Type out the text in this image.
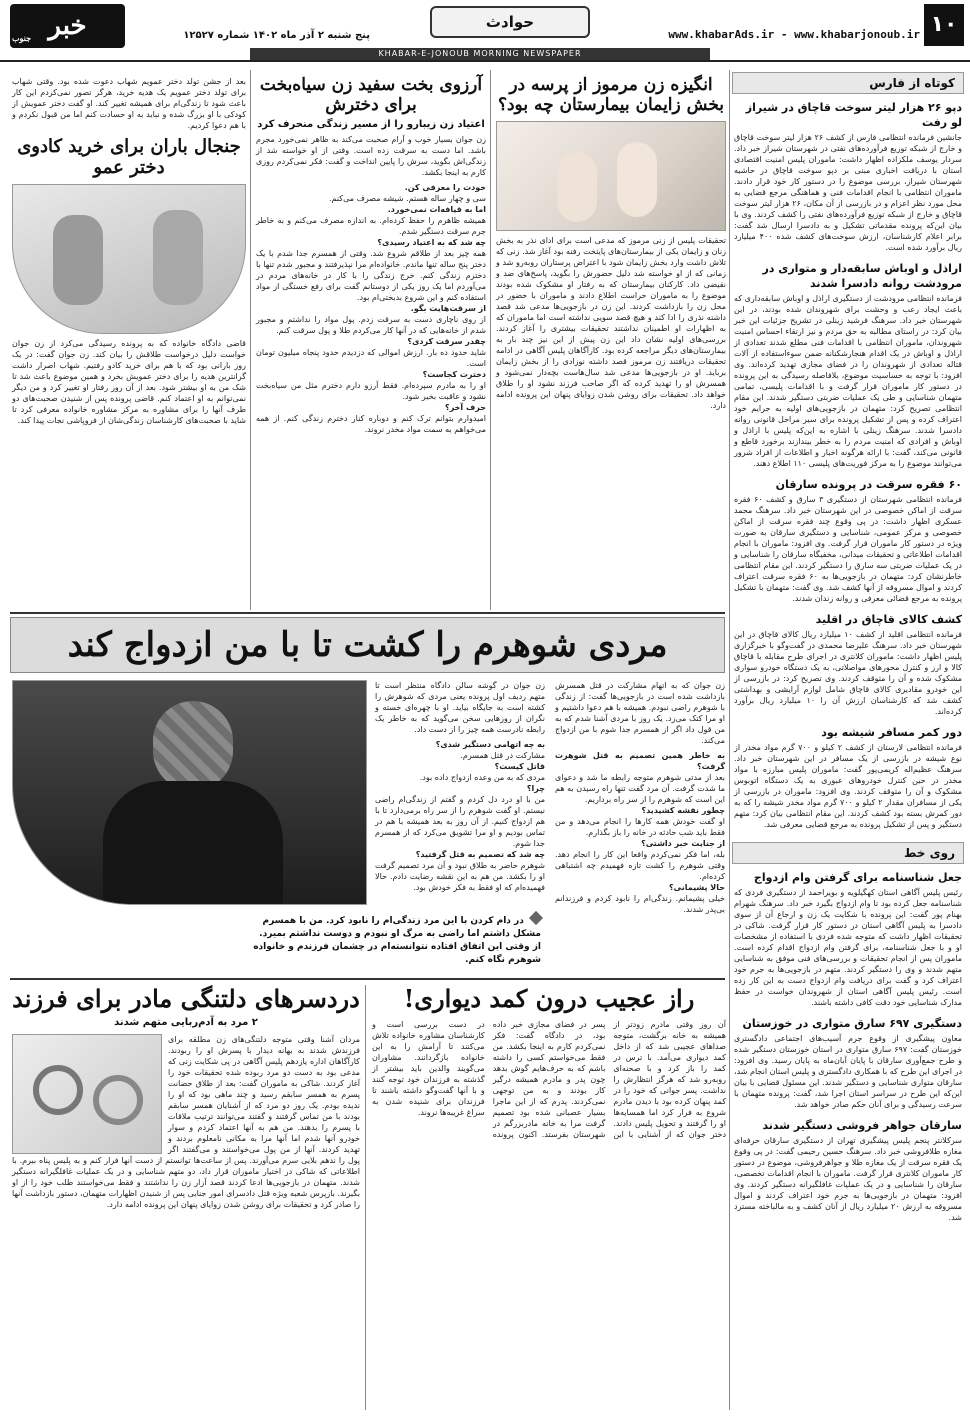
۱۰
www.khabarAds.ir - www.khabarjonoub.ir
حوادث
KHABAR-E-JONOUB MORNING NEWSPAPER
خبر
جنوب	پنج شنبه ۲ آذر ماه ۱۴۰۲ شماره ۱۲۵۲۷
کوتاه از فارس
دپو ۲۶ هزار لیتر سوخت قاچاق در شیراز لو رفت
جانشین فرمانده انتظامی فارس از کشف ۲۶ هزار لیتر سوخت قاچاق و خارج از شبکه توزیع فرآورده‌های نفتی در شهرستان شیراز خبر داد. سردار یوسف ملکزاده اظهار داشت: ماموران پلیس امنیت اقتصادی استان با دریافت اخباری مبنی بر دپو سوخت قاچاق در حاشیه شهرستان شیراز، بررسی موضوع را در دستور کار خود قرار دادند. ماموران انتظامی با انجام اقدامات فنی و هماهنگی مرجع قضایی به محل مورد نظر اعزام و در بازرسی از آن مکان، ۲۶ هزار لیتر سوخت قاچاق و خارج از شبکه توزیع فرآورده‌های نفتی را کشف کردند. وی با بیان این‌که پرونده مقدماتی تشکیل و به دادسرا ارسال شد گفت: برابر اعلام کارشناسان، ارزش سوخت‌های کشف شده ۴۰۰ میلیارد ریال برآورد شده است.
اراذل و اوباش سابقه‌دار و متواری در مرودشت روانه دادسرا شدند
فرمانده انتظامی مرودشت از دستگیری اراذل و اوباش سابقه‌داری که باعث ایجاد رعب و وحشت برای شهروندان شده بودند، در این شهرستان خبر داد. سرهنگ فرشید زینلی در تشریح جزئیات این خبر بیان کرد: در راستای مطالبه به حق مردم و نیز ارتقاء احساس امنیت شهروندان، ماموران انتظامی با اقدامات فنی مطلع شدند تعدادی از اراذل و اوباش در یک اقدام هنجارشکنانه ضمن سوءاستفاده از آلات قتاله تعدادی از شهروندان را در فضای مجازی تهدید کرده‌اند. وی افزود: با توجه به حساسیت موضوع، بلافاصله رسیدگی به این پرونده در دستور کار ماموران قرار گرفت و با اقدامات پلیسی، تمامی متهمان شناسایی و طی یک عملیات ضربتی دستگیر شدند. این مقام انتظامی تصریح کرد: متهمان در بازجویی‌های اولیه به جرایم خود اعتراف کرده و پس از تشکیل پرونده برای سیر مراحل قانونی روانه دادسرا شدند. سرهنگ زینلی با اشاره به این‌که پلیس با اراذل و اوباش و افرادی که امنیت مردم را به خطر بیندازند برخورد قاطع و قانونی می‌کند، گفت: با ارائه هرگونه اخبار و اطلاعات از افراد شرور می‌توانند موضوع را به مرکز فوریت‌های پلیسی ۱۱۰ اطلاع دهند.
۶۰ فقره سرقت در پرونده سارقان
فرمانده انتظامی شهرستان از دستگیری ۳ سارق و کشف ۶۰ فقره سرقت از اماکن خصوصی در این شهرستان خبر داد. سرهنگ محمد عسکری اظهار داشت: در پی وقوع چند فقره سرقت از اماکن خصوصی و مرکز عمومی، شناسایی و دستگیری سارقان به صورت ویژه در دستور کار ماموران قرار گرفت. وی افزود: ماموران با انجام اقدامات اطلاعاتی و تحقیقات میدانی، مخفیگاه سارقان را شناسایی و در یک عملیات ضربتی سه سارق را دستگیر کردند. این مقام انتظامی خاطرنشان کرد: متهمان در بازجویی‌ها به ۶۰ فقره سرقت اعتراف کردند و اموال مسروقه از آنها کشف شد. وی گفت: متهمان با تشکیل پرونده به مرجع قضائی معرفی و روانه زندان شدند.
کشف کالای قاچاق در اقلید
فرمانده انتظامی اقلید از کشف ۱۰ میلیارد ریال کالای قاچاق در این شهرستان خبر داد. سرهنگ علیرضا محمدی در گفت‌وگو با خبرگزاری پلیس اظهار داشت: ماموران کلانتری در اجرای طرح مقابله با قاچاق کالا و ارز و کنترل محورهای مواصلاتی، به یک دستگاه خودرو سواری مشکوک شده و آن را متوقف کردند. وی تصریح کرد: در بازرسی از این خودرو مقادیری کالای قاچاق شامل لوازم آرایشی و بهداشتی کشف شد که کارشناسان ارزش آن را ۱۰ میلیارد ریال برآورد کرده‌اند.
دور کمر مسافر شیشه بود
فرمانده انتظامی لارستان از کشف ۲ کیلو و ۷۰۰ گرم مواد مخدر از نوع شیشه در بازرسی از یک مسافر در این شهرستان خبر داد. سرهنگ عظیم‌اله کریمی‌پور گفت: ماموران پلیس مبارزه با مواد مخدر در حین کنترل خودروهای عبوری به یک دستگاه اتوبوس مشکوک و آن را متوقف کردند. وی افزود: ماموران در بازرسی از یکی از مسافران مقدار ۲ کیلو و ۷۰۰ گرم مواد مخدر شیشه را که به دور کمرش بسته بود کشف کردند. این مقام انتظامی بیان کرد: متهم دستگیر و پس از تشکیل پرونده به مرجع قضایی معرفی شد.
روی خط
جعل شناسنامه برای گرفتن وام ازدواج
رئیس پلیس آگاهی استان کهگیلویه و بویراحمد از دستگیری فردی که شناسنامه جعل کرده بود تا وام ازدواج بگیرد خبر داد. سرهنگ شهرام بهنام پور گفت: این پرونده با شکایت یک زن و ارجاع آن از سوی دادسرا به پلیس آگاهی استان در دستور کار قرار گرفت. شاکی در تحقیقات اظهار داشت که متوجه شده فردی با استفاده از مشخصات او و با جعل شناسنامه، برای گرفتن وام ازدواج اقدام کرده است. ماموران پس از انجام تحقیقات و بررسی‌های فنی موفق به شناسایی متهم شدند و وی را دستگیر کردند. متهم در بازجویی‌ها به جرم خود اعتراف کرد و گفت برای دریافت وام ازدواج دست به این کار زده است. رئیس پلیس آگاهی استان از شهروندان خواست در حفظ مدارک شناسایی خود دقت کافی داشته باشند.
دستگیری ۶۹۷ سارق متواری در خوزستان
معاون پیشگیری از وقوع جرم آسیب‌های اجتماعی دادگستری خوزستان گفت: ۶۹۷ سارق متواری در استان خوزستان دستگیر شده و طرح جمع‌آوری سارقان با پایان آبان‌ماه به پایان رسید. وی افزود: در اجرای این طرح که با همکاری دادگستری و پلیس استان انجام شد، سارقان متواری شناسایی و دستگیر شدند. این مسئول قضایی با بیان این‌که این طرح در سراسر استان اجرا شد، گفت: پرونده متهمان با سرعت رسیدگی و برای آنان حکم صادر خواهد شد.
سارقان جواهر فروشی دستگیر شدند
سرکلانتر پنجم پلیس پیشگیری تهران از دستگیری سارقان حرفه‌ای مغازه طلافروشی خبر داد. سرهنگ حسین رحیمی گفت: در پی وقوع یک فقره سرقت از یک مغازه طلا و جواهرفروشی، موضوع در دستور کار ماموران کلانتری قرار گرفت. ماموران با انجام اقدامات تخصصی، سارقان را شناسایی و در یک عملیات غافلگیرانه دستگیر کردند. وی افزود: متهمان در بازجویی‌ها به جرم خود اعتراف کردند و اموال مسروقه به ارزش ۲۰ میلیارد ریال از آنان کشف و به مالباخته مسترد شد.
انگیزه زن مرموز از پرسه در بخش زایمان بیمارستان چه بود؟
تحقیقات پلیس از زنی مرموز که مدعی است برای ادای نذر به بخش زنان و زایمان یکی از بیمارستان‌های پایتخت رفته بود آغاز شد. زنی که تلاش داشت وارد بخش زایمان شود با اعتراض پرستاران روبه‌رو شد و زمانی که از او خواسته شد دلیل حضورش را بگوید، پاسخ‌های ضد و نقیضی داد. کارکنان بیمارستان که به رفتار او مشکوک شده بودند موضوع را به ماموران حراست اطلاع دادند و ماموران با حضور در محل زن را بازداشت کردند. این زن در بازجویی‌ها مدعی شد قصد داشته نذری را ادا کند و هیچ قصد سویی نداشته است اما ماموران که به اظهارات او اطمینان نداشتند تحقیقات بیشتری را آغاز کردند. بررسی‌های اولیه نشان داد این زن پیش از این نیز چند بار به بیمارستان‌های دیگر مراجعه کرده بود. کارآگاهان پلیس آگاهی در ادامه تحقیقات دریافتند زن مرموز قصد داشته نوزادی را از بخش زایمان برباید. او در بازجویی‌ها مدعی شد سال‌هاست بچه‌دار نمی‌شود و همسرش او را تهدید کرده که اگر صاحب فرزند نشود او را طلاق خواهد داد. تحقیقات برای روشن شدن زوایای پنهان این پرونده ادامه دارد.
آرزوی بخت سفید زن سیاه‌بخت برای دخترش
اعتیاد زن زیبارو را از مسیر زندگی منحرف کرد
زن جوان بسیار خوب و آرام صحبت می‌کند به ظاهر نمی‌خورد مجرم باشد. اما دست به سرقت زده است. وقتی از او خواسته شد از زندگی‌اش بگوید، سرش را پایین انداخت و گفت: فکر نمی‌کردم روزی کارم به اینجا بکشد.
خودت را معرفی کن.
سی و چهار ساله هستم. شیشه مصرف می‌کنم.
اما به قیافه‌ات نمی‌خورد.
همیشه ظاهرم را حفظ کرده‌ام. به اندازه مصرف می‌کنم و به خاطر جرم سرقت دستگیر شدم.
چه شد که به اعتیاد رسیدی؟
همه چیز بعد از طلاقم شروع شد. وقتی از همسرم جدا شدم با یک دختر پنج ساله تنها ماندم. خانواده‌ام مرا نپذیرفتند و مجبور شدم تنها با دخترم زندگی کنم. خرج زندگی را با کار در خانه‌های مردم در می‌آوردم اما یک روز یکی از دوستانم گفت برای رفع خستگی از مواد استفاده کنم و این شروع بدبختی‌ام بود.
از سرقت‌هایت بگو.
از روی ناچاری دست به سرقت زدم. پول مواد را نداشتم و مجبور شدم از خانه‌هایی که در آنها کار می‌کردم طلا و پول سرقت کنم.
چقدر سرقت کردی؟
شاید حدود ده بار. ارزش اموالی که دزدیدم حدود پنجاه میلیون تومان است.
دخترت کجاست؟
او را به مادرم سپرده‌ام. فقط آرزو دارم دخترم مثل من سیاه‌بخت نشود و عاقبت بخیر شود.
حرف آخر؟
امیدوارم بتوانم ترک کنم و دوباره کنار دخترم زندگی کنم. از همه می‌خواهم به سمت مواد مخدر نروند.
بعد از جشن تولد دختر عمویم شهاب دعوت شده بود. وقتی شهاب برای تولد دختر عمویم یک هدیه خرید، هرگز تصور نمی‌کردم این کار باعث شود تا زندگی‌ام برای همیشه تغییر کند. او گفت دختر عمویش از کودکی با او بزرگ شده و نباید به او حسادت کنم اما من قبول نکردم و با هم دعوا کردیم.
جنجال باران برای خرید کادوی دختر عمو
قاضی دادگاه خانواده که به پرونده رسیدگی می‌کرد از زن جوان خواست دلیل درخواست طلاقش را بیان کند. زن جوان گفت: در یک روز بارانی بود که با هم برای خرید کادو رفتیم. شهاب اصرار داشت گرانترین هدیه را برای دختر عمویش بخرد و همین موضوع باعث شد تا شک من به او بیشتر شود. بعد از آن روز رفتار او تغییر کرد و من دیگر نمی‌توانم به او اعتماد کنم. قاضی پرونده پس از شنیدن صحبت‌های دو طرف آنها را برای مشاوره به مرکز مشاوره خانواده معرفی کرد تا شاید با صحبت‌های کارشناسان زندگی‌شان از فروپاشی نجات پیدا کند.
مردی شوهرم را کشت تا با من ازدواج کند
زن جوان که به اتهام مشارکت در قتل همسرش بازداشت شده است در بازجویی‌ها گفت: از زندگی با شوهرم راضی نبودم. همیشه با هم دعوا داشتیم و او مرا کتک می‌زد. یک روز با مردی آشنا شدم که به من قول داد اگر از همسرم جدا شوم با من ازدواج می‌کند.
به خاطر همین تصمیم به قتل شوهرت گرفت؟
بعد از مدتی شوهرم متوجه رابطه ما شد و دعوای ما شدت گرفت. آن مرد گفت تنها راه رسیدن به هم این است که شوهرم را از سر راه برداریم.
چطور نقشه کشیدید؟
او گفت خودش همه کارها را انجام می‌دهد و من فقط باید شب حادثه در خانه را باز بگذارم.
از جنایت خبر داشتی؟
بله، اما فکر نمی‌کردم واقعا این کار را انجام دهد. وقتی شوهرم را کشت تازه فهمیدم چه اشتباهی کرده‌ام.
حالا پشیمانی؟
خیلی پشیمانم. زندگی‌ام را نابود کردم و فرزندانم بی‌پدر شدند.
زن جوان در گوشه سالن دادگاه منتظر است تا متهم ردیف اول پرونده یعنی مردی که شوهرش را کشته است به جایگاه بیاید. او با چهره‌ای خسته و نگران از روزهایی سخن می‌گوید که به خاطر یک رابطه نادرست همه چیز را از دست داد.
به چه اتهامی دستگیر شدی؟
مشارکت در قتل همسرم.
قاتل کیست؟
مردی که به من وعده ازدواج داده بود.
چرا؟
من با او درد دل کردم و گفتم از زندگی‌ام راضی نیستم. او گفت شوهرم را از سر راه برمی‌دارد تا با هم ازدواج کنیم. از آن روز به بعد همیشه با هم در تماس بودیم و او مرا تشویق می‌کرد که از همسرم جدا شوم.
چه شد که تصمیم به قتل گرفتید؟
شوهرم حاضر به طلاق نبود و آن مرد تصمیم گرفت او را بکشد. من هم به این نقشه رضایت دادم. حالا فهمیده‌ام که او فقط به فکر خودش بود.
در دام کردن با این مرد زندگی‌ام را نابود کرد. من با همسرم مشکل داشتم اما راضی به مرگ او نبودم و دوست نداشتم بمیرد. از وقتی این اتفاق افتاده نتوانسته‌ام در چشمان فرزندم و خانواده شوهرم نگاه کنم.
راز عجیب درون کمد دیواری!
آن روز وقتی مادرم زودتر از همیشه به خانه برگشت، متوجه صداهای عجیبی شد که از داخل کمد دیواری می‌آمد. با ترس در کمد را باز کرد و با صحنه‌ای روبه‌رو شد که هرگز انتظارش را نداشت. پسر جوانی که خود را در کمد پنهان کرده بود با دیدن مادرم شروع به فرار کرد اما همسایه‌ها او را گرفتند و تحویل پلیس دادند. دختر جوان که از آشنایی با این پسر در فضای مجازی خبر داده بود، در دادگاه گفت: فکر نمی‌کردم کارم به اینجا بکشد. من فقط می‌خواستم کسی را داشته باشم که به حرف‌هایم گوش بدهد چون پدر و مادرم همیشه درگیر کار بودند و به من توجهی نمی‌کردند. پدرم که از این ماجرا بسیار عصبانی شده بود تصمیم گرفت مرا به خانه مادربزرگم در شهرستان بفرستد. اکنون پرونده در دست بررسی است و کارشناسان مشاوره خانواده تلاش می‌کنند تا آرامش را به این خانواده بازگردانند. مشاوران می‌گویند والدین باید بیشتر از گذشته به فرزندان خود توجه کنند و با آنها گفت‌وگو داشته باشند تا فرزندان برای شنیده شدن به سراغ غریبه‌ها نروند.
دردسرهای دلتنگی مادر برای فرزند
۲ مرد به آدم‌ربایی متهم شدند
مردان آشنا وقتی متوجه دلتنگی‌های زن مطلقه برای فرزندش شدند به بهانه دیدار با پسرش او را ربودند. کارآگاهان اداره یازدهم پلیس آگاهی در پی شکایت زنی که مدعی بود به دست دو مرد ربوده شده تحقیقات خود را آغاز کردند. شاکی به ماموران گفت: بعد از طلاق حضانت پسرم به همسر سابقم رسید و چند ماهی بود که او را ندیده بودم. یک روز دو مرد که از آشنایان همسر سابقم بودند با من تماس گرفتند و گفتند می‌توانند ترتیب ملاقات با پسرم را بدهند. من هم به آنها اعتماد کردم و سوار خودرو آنها شدم اما آنها مرا به مکانی نامعلوم بردند و تهدید کردند. آنها از من پول می‌خواستند و می‌گفتند اگر پول را ندهم بلایی سرم می‌آورند. پس از ساعت‌ها توانستم از دست آنها فرار کنم و به پلیس پناه ببرم. با اطلاعاتی که شاکی در اختیار ماموران قرار داد، دو متهم شناسایی و در یک عملیات غافلگیرانه دستگیر شدند. متهمان در بازجویی‌ها ادعا کردند قصد آزار زن را نداشتند و فقط می‌خواستند طلب خود را از او بگیرند. بازپرس شعبه ویژه قتل دادسرای امور جنایی پس از شنیدن اظهارات متهمان، دستور بازداشت آنها را صادر کرد و تحقیقات برای روشن شدن زوایای پنهان این پرونده ادامه دارد.
